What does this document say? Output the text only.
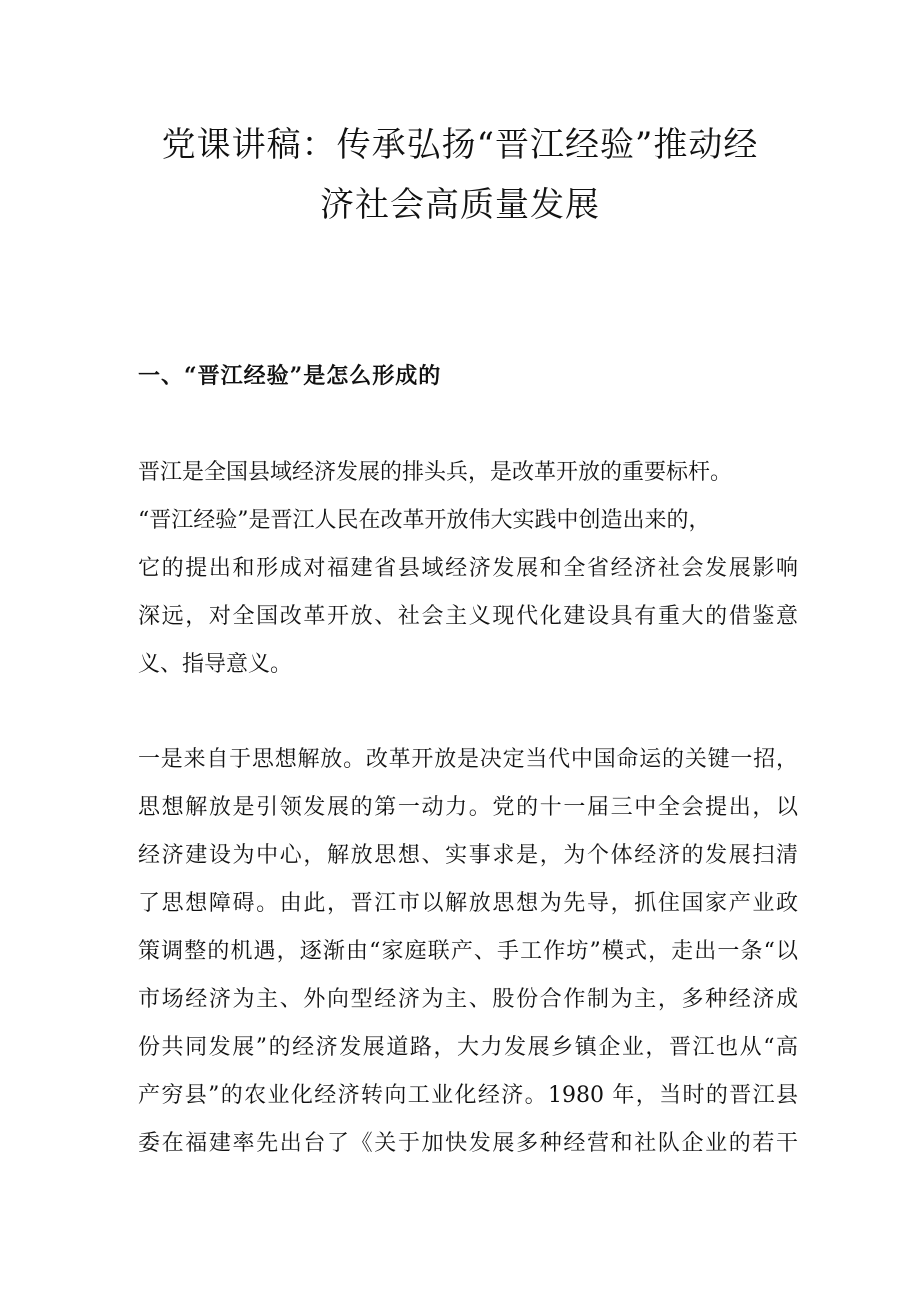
党课讲稿：传承弘扬“晋江经验”推动经
济社会高质量发展
一、“晋江经验”是怎么形成的

晋江是全国县域经济发展的排头兵，是改革开放的重要标杆。

“晋江经验”是晋江人民在改革开放伟大实践中创造出来的，

它的提出和形成对福建省县域经济发展和全省经济社会发展影响

深远，对全国改革开放、社会主义现代化建设具有重大的借鉴意

义、指导意义。

一是来自于思想解放。改革开放是决定当代中国命运的关键一招，

思想解放是引领发展的第一动力。党的十一届三中全会提出，以

经济建设为中心，解放思想、实事求是，为个体经济的发展扫清

了思想障碍。由此，晋江市以解放思想为先导，抓住国家产业政

策调整的机遇，逐渐由“家庭联产、手工作坊”模式，走出一条“以

市场经济为主、外向型经济为主、股份合作制为主，多种经济成

份共同发展”的经济发展道路，大力发展乡镇企业，晋江也从“高

产穷县”的农业化经济转向工业化经济。1980 年，当时的晋江县

委在福建率先出台了《关于加快发展多种经营和社队企业的若干
